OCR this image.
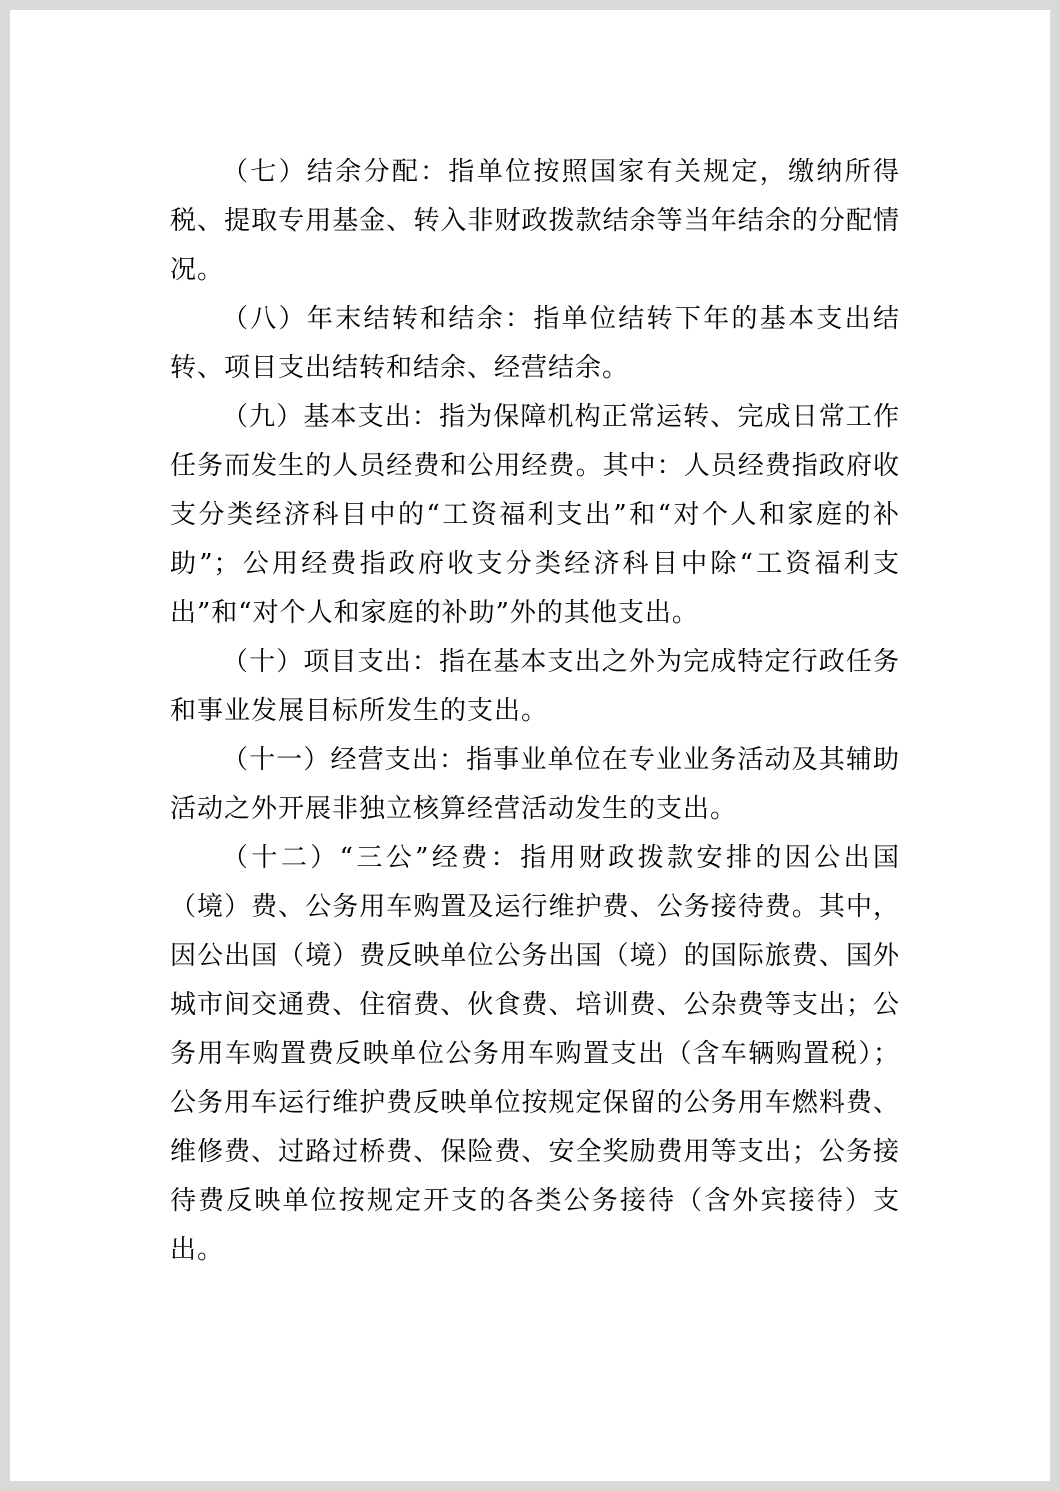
（七）结余分配：指单位按照国家有关规定，缴纳所得税、提取专用基金、转入非财政拨款结余等当年结余的分配情况。

（八）年末结转和结余：指单位结转下年的基本支出结转、项目支出结转和结余、经营结余。

（九）基本支出：指为保障机构正常运转、完成日常工作任务而发生的人员经费和公用经费。其中：人员经费指政府收支分类经济科目中的“工资福利支出”和“对个人和家庭的补助”；公用经费指政府收支分类经济科目中除“工资福利支出”和“对个人和家庭的补助”外的其他支出。

（十）项目支出：指在基本支出之外为完成特定行政任务和事业发展目标所发生的支出。

（十一）经营支出：指事业单位在专业业务活动及其辅助活动之外开展非独立核算经营活动发生的支出。

（十二）“三公”经费：指用财政拨款安排的因公出国（境）费、公务用车购置及运行维护费、公务接待费。其中，因公出国（境）费反映单位公务出国（境）的国际旅费、国外城市间交通费、住宿费、伙食费、培训费、公杂费等支出；公务用车购置费反映单位公务用车购置支出（含车辆购置税）；公务用车运行维护费反映单位按规定保留的公务用车燃料费、维修费、过路过桥费、保险费、安全奖励费用等支出；公务接待费反映单位按规定开支的各类公务接待（含外宾接待）支出。
